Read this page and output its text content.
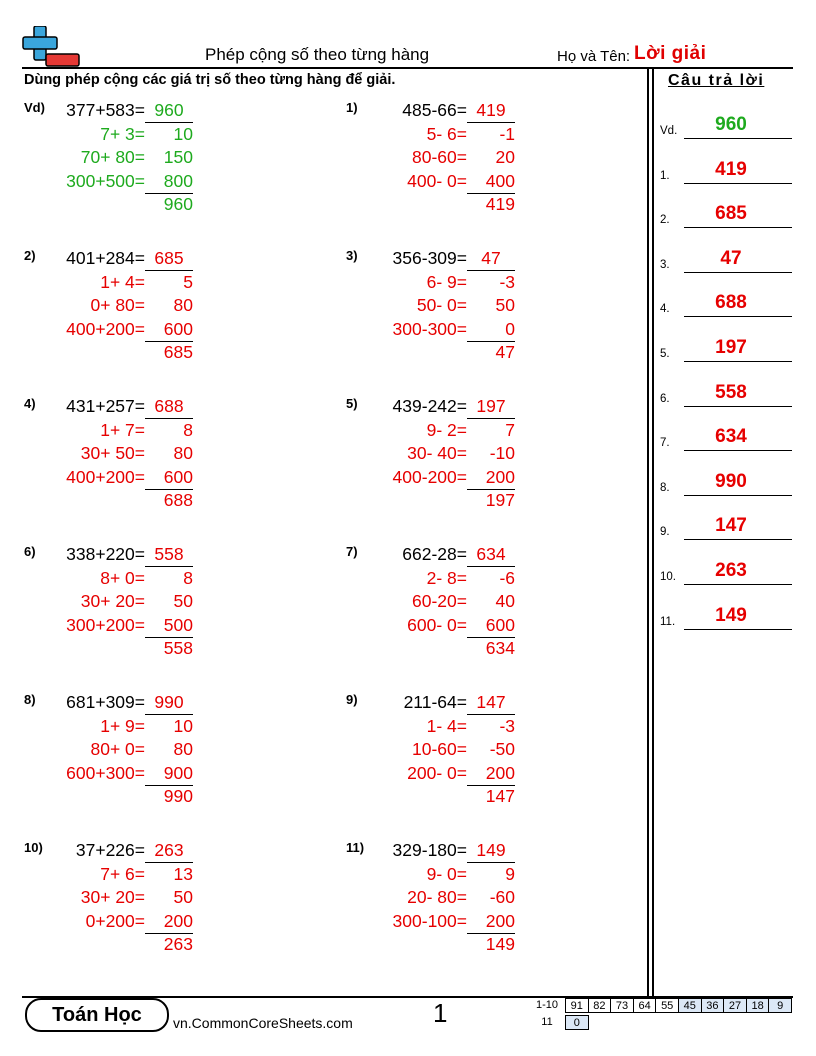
Phép cộng số theo từng hàng	Họ và Tên: Lời giải
Dùng phép cộng các giá trị số theo từng hàng để giải.	Câu trả lời
Vd) 377+583= 960
7+ 3=	10
70+ 80=	150
300+500=	800
960
1)	485-66= 419
5- 6=	-1
80-60=	20
400- 0=	400
419
2) 401+284= 685
1+ 4=	5
0+ 80=	80
400+200=	600
685
3) 356-309= 47
6- 9=	-3
50- 0=	50
300-300=	0
47
4) 431+257= 688
1+ 7=	8
30+ 50=	80
400+200=	600
688
5) 439-242= 197
9- 2=	7
30- 40=	-10
400-200=	200
197
6) 338+220= 558
8+ 0=	8
30+ 20=	50
300+200=	500
558
7)	662-28= 634
2- 8=	-6
60-20=	40
600- 0=	600
634
8) 681+309= 990
1+ 9=	10
80+ 0=	80
600+300=	900
990
9)	211-64= 147
1- 4=	-3
10-60=	-50
200- 0=	200
147
10) 37+226= 263
7+ 6=	13
30+ 20=	50
0+200=	200
263
11) 329-180= 149
9- 0=	9
20- 80=	-60
300-100=	200
149
Vd.	960
1.	419
2.	685
3.	47
4.	688
5.	197
6.	558
7.	634
8.	990
9.	147
10.	263
11.	149
Toán Học	vn.CommonCoreSheets.com	1	1-10	91 82 73 64 55 45 36 27 18	9
11	0
